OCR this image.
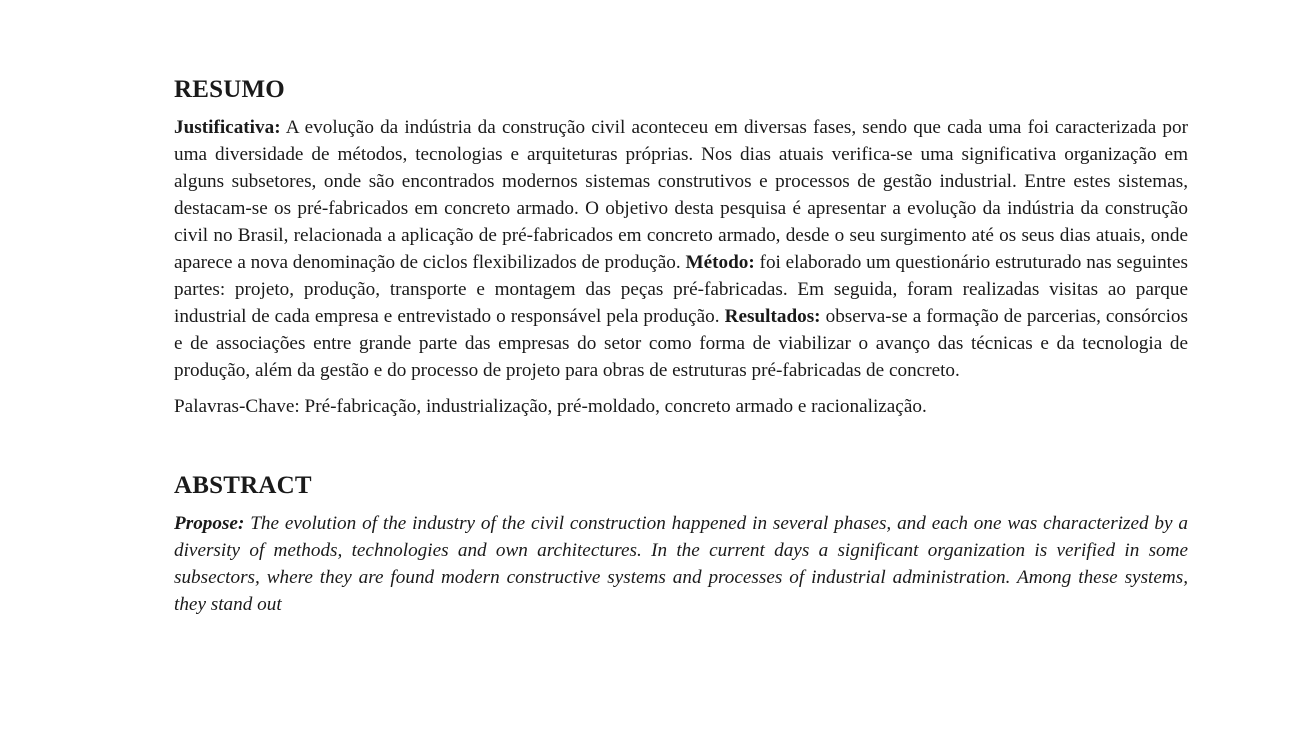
RESUMO

Justificativa: A evolução da indústria da construção civil aconteceu em diversas fases, sendo que cada uma foi caracterizada por uma diversidade de métodos, tecnologias e arquiteturas próprias. Nos dias atuais verifica-se uma significativa organização em alguns subsetores, onde são encontrados modernos sistemas construtivos e processos de gestão industrial. Entre estes sistemas, destacam-se os pré-fabricados em concreto armado. O objetivo desta pesquisa é apresentar a evolução da indústria da construção civil no Brasil, relacionada a aplicação de pré-fabricados em concreto armado, desde o seu surgimento até os seus dias atuais, onde aparece a nova denominação de ciclos flexibilizados de produção. Método: foi elaborado um questionário estruturado nas seguintes partes: projeto, produção, transporte e montagem das peças pré-fabricadas. Em seguida, foram realizadas visitas ao parque industrial de cada empresa e entrevistado o responsável pela produção. Resultados: observa-se a formação de parcerias, consórcios e de associações entre grande parte das empresas do setor como forma de viabilizar o avanço das técnicas e da tecnologia de produção, além da gestão e do processo de projeto para obras de estruturas pré-fabricadas de concreto.

Palavras-Chave: Pré-fabricação, industrialização, pré-moldado, concreto armado e racionalização.

ABSTRACT

Propose: The evolution of the industry of the civil construction happened in several phases, and each one was characterized by a diversity of methods, technologies and own architectures. In the current days a significant organization is verified in some subsectors, where they are found modern constructive systems and processes of industrial administration. Among these systems, they stand out
